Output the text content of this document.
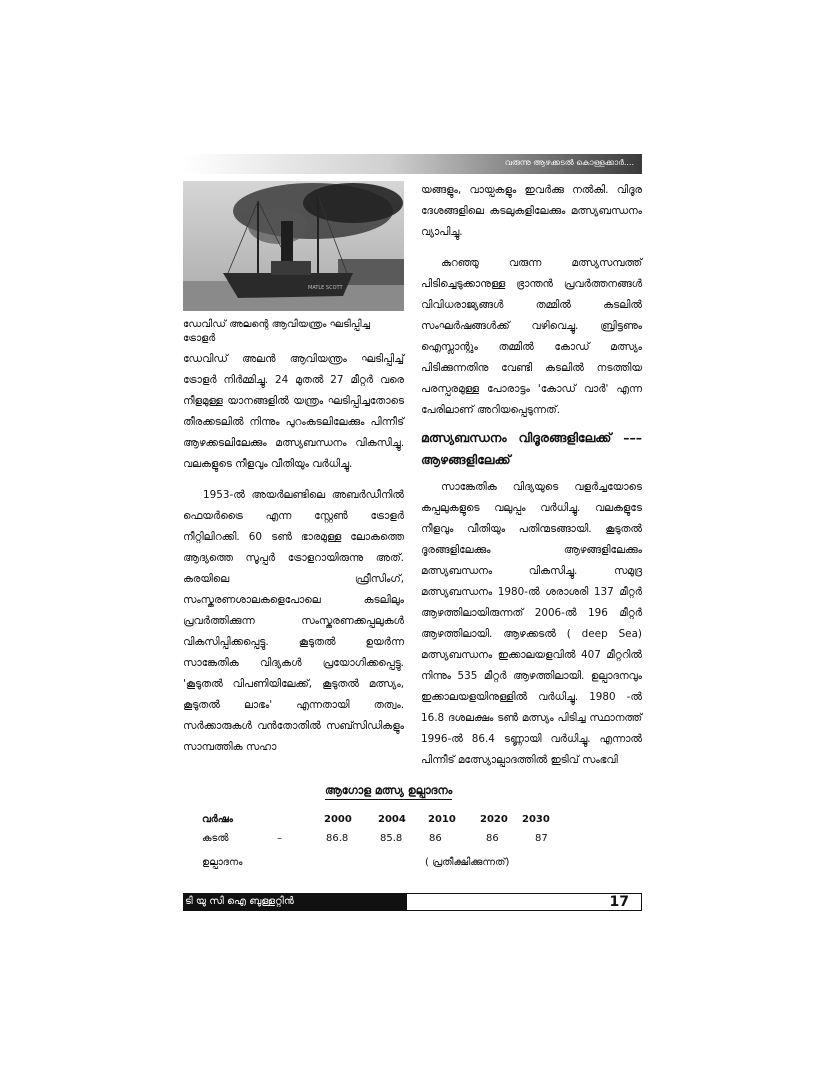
വരുന്നു ആഴക്കടൽ കൊള്ളക്കാർ....
MATLE SCOTT
ഡേവിഡ് അലന്റെ ആവിയന്ത്രം ഘടിപ്പിച്ച ട്രോളർ

ഡേവിഡ് അലൻ ആവിയന്ത്രം ഘടിപ്പിച്ച് ട്രോളർ നിർമ്മിച്ചു. 24 മുതൽ 27 മീറ്റർ വരെ നീളമുള്ള യാനങ്ങളിൽ യന്ത്രം ഘടിപ്പിച്ചതോടെ തീരക്കടലിൽ നിന്നും പുറംകടലിലേക്കും പിന്നീട് ആഴക്കടലിലേക്കും മത്സ്യബന്ധനം വികസിച്ചു. വലകളുടെ നീളവും വീതിയും വർധിച്ചു.

1953-ൽ അയർലണ്ടിലെ അബർഡീനിൽ ഫെയർട്രൈ എന്ന സ്റ്റേൺ ട്രോളർ നീറ്റിലിറക്കി. 60 ടൺ ഭാരമുള്ള ലോകത്തെ ആദ്യത്തെ സൂപ്പർ ട്രോളറായിരുന്നു അത്. കരയിലെ ഫ്രീസിംഗ്, സംസ്കരണശാലകളെപോലെ കടലിലും പ്രവർത്തിക്കുന്ന സംസ്കരണക്കപ്പലുകൾ വികസിപ്പിക്കപ്പെട്ടു. കൂടുതൽ ഉയർന്ന സാങ്കേതിക വിദ്യകൾ പ്രയോഗിക്കപ്പെട്ടു. 'കൂടുതൽ വിപണിയിലേക്ക്, കൂടുതൽ മത്സ്യം, കൂടുതൽ ലാഭം' എന്നതായി തത്വം. സർക്കാരുകൾ വൻതോതിൽ സബ്സിഡികളും സാമ്പത്തിക സഹാ

യങ്ങളും, വായ്പകളും ഇവർക്കു നൽകി. വിദൂര ദേശങ്ങളിലെ കടലുകളിലേക്കും മത്സ്യബന്ധനം വ്യാപിച്ചു.

കുറഞ്ഞു വരുന്ന മത്സ്യസമ്പത്ത് പിടിച്ചെടുക്കാനുള്ള ഭ്രാന്തൻ പ്രവർത്തനങ്ങൾ വിവിധരാജ്യങ്ങൾ തമ്മിൽ കടലിൽ സംഘർഷങ്ങൾക്ക് വഴിവെച്ചു. ബ്രിട്ടണും ഐസ്ലാന്റും തമ്മിൽ കോഡ് മത്സ്യം പിടിക്കുന്നതിനു വേണ്ടി കടലിൽ നടത്തിയ പരസ്പരമുള്ള പോരാട്ടം 'കോഡ് വാർ' എന്ന പേരിലാണ് അറിയപ്പെടുന്നത്.

മത്സ്യബന്ധനം വിദൂരങ്ങളിലേക്ക് ––– ആഴങ്ങളിലേക്ക്

സാങ്കേതിക വിദ്യയുടെ വളർച്ചയോടെ കപ്പലുകളുടെ വലുപ്പം വർധിച്ചു. വലകളുടേ നീളവും വീതിയും പതിന്മടങ്ങായി. കൂടുതൽ ദൂരങ്ങളിലേക്കും ആഴങ്ങളിലേക്കും മത്സ്യബന്ധനം വികസിച്ചു. സമുദ്ര മത്സ്യബന്ധനം 1980-ൽ ശരാശരി 137 മീറ്റർ ആഴത്തിലായിരുന്നത് 2006-ൽ 196 മീറ്റർ ആഴത്തിലായി. ആഴക്കടൽ ( deep Sea) മത്സ്യബന്ധനം ഇക്കാലയളവിൽ 407 മീറ്ററിൽ നിന്നും 535 മീറ്റർ ആഴത്തിലായി. ഉല്പാദനവും ഇക്കാലയളയിനുള്ളിൽ വർധിച്ചു. 1980 -ൽ 16.8 ദശലക്ഷം ടൺ മത്സ്യം പിടിച്ച സ്ഥാനത്ത് 1996-ൽ 86.4 ടണ്ണായി വർധിച്ചു. എന്നാൽ പിന്നീട് മത്സ്യോല്പാദത്തിൽ ഇടിവ് സംഭവി

ആഗോള മത്സ്യ ഉല്പാദനം
വർഷം	2000	2004 2010 2020 2030
കടൽ	–	86.8	85.8	86	86	87
ഉല്പാദനം	( പ്രതീക്ഷിക്കുന്നത്)
ടി യു സി ഐ ബുള്ളറ്റിൻ	17
